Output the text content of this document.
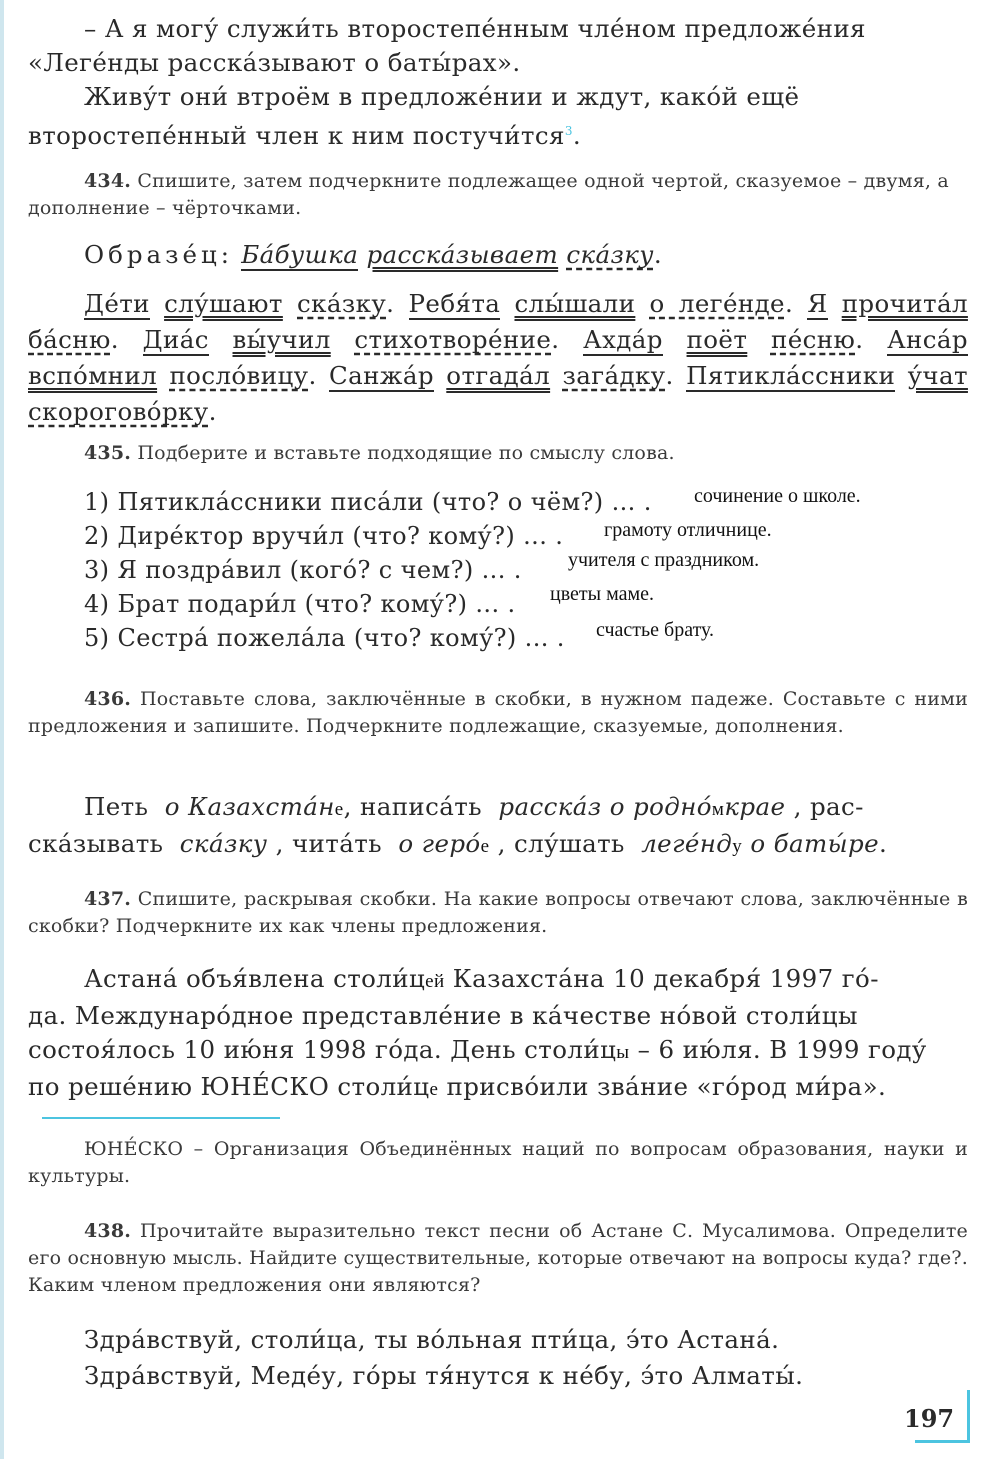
– А я могу́ служи́ть второстепе́нным чле́ном предложе́ния «Леге́нды расска́зывают о баты́рах».

Живу́т они́ втроём в предложе́нии и ждут, како́й ещё второстепе́нный член к ним постучи́тся$^3$.

434. Спишите, затем подчеркните подлежащее одной чертой, сказуемое – двумя, а дополнение – чёрточками.

Образе́ц: Ба́бушка расска́зывает ска́зку.

Де́ти слу́шают ска́зку. Ребя́та слы́шали о леге́нде. Я прочита́л ба́сню. Диа́с вы́учил стихотворе́ние. Ахда́р поёт пе́сню. Анса́р вспо́мнил посло́вицу. Санжа́р отгада́л зага́дку. Пятикла́ссники у́чат скорогово́рку.

435. Подберите и вставьте подходящие по смыслу слова.

1) Пятикла́ссники писа́ли (что? о чём?) ... . сочинение о школе.
2) Дире́ктор вручи́л (что? кому́?) ... . грамоту отличнице.
3) Я поздра́вил (кого́? с чем?) ... . учителя с праздником.
4) Брат подари́л (что? кому́?) ... . цветы маме.
5) Сестра́ пожела́ла (что? кому́?) ... . счастье брату.

436. Поставьте слова, заключённые в скобки, в нужном падеже. Составьте с ними предложения и запишите. Подчеркните подлежащие, сказуемые, дополнения.

Петь о Казахста́не, написа́ть расска́з о родно́мкрае , рас-
ска́зывать ска́зку , чита́ть о геро́е , слу́шать леге́нду о баты́ре.

437. Спишите, раскрывая скобки. На какие вопросы отвечают слова, заключённые в скобки? Подчеркните их как члены предложения.

Астана́ объя́влена столи́цей Казахста́на 10 декабря́ 1997 го́-
да. Междунаро́дное представле́ние в ка́честве но́вой столи́цы
состоя́лось 10 ию́ня 1998 го́да. День столи́цы – 6 ию́ля. В 1999 году́
по реше́нию ЮНЕ́СКО столи́це присво́или зва́ние «го́род ми́ра».

ЮНЕ́СКО – Организация Объединённых наций по вопросам образования, науки и культуры.

438. Прочитайте выразительно текст песни об Астане С. Мусалимова. Определите его основную мысль. Найдите существительные, которые отвечают на вопросы куда? где?. Каким членом предложения они являются?

Здра́вствуй, столи́ца, ты во́льная пти́ца, э́то Астана́.
Здра́вствуй, Меде́у, го́ры тя́нутся к не́бу, э́то Алматы́.

197
